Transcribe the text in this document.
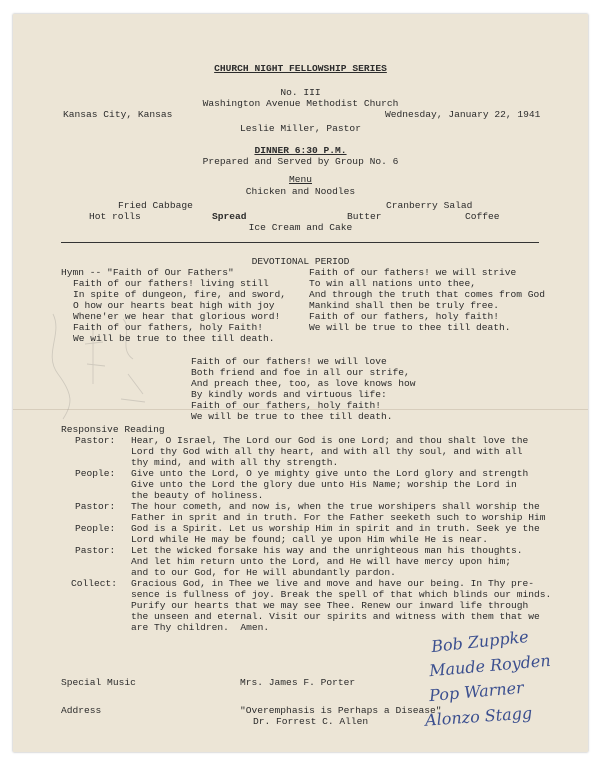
CHURCH NIGHT FELLOWSHIP SERIES
No. III
Washington Avenue Methodist Church
Kansas City, Kansas	Wednesday, January 22, 1941
Leslie Miller, Pastor
DINNER 6:30 P.M.
Prepared and Served by Group No. 6
Menu
Chicken and Noodles
Fried Cabbage	Cranberry Salad
Hot rolls	Spread	Butter	Coffee
Ice Cream and Cake
DEVOTIONAL PERIOD
Hymn -- "Faith of Our Fathers"
Faith of our fathers! living still
In spite of dungeon, fire, and sword,
O how our hearts beat high with joy
Whene'er we hear that glorious word!
Faith of our fathers, holy Faith!
We will be true to thee till death.
Faith of our fathers! we will strive
To win all nations unto thee,
And through the truth that comes from God
Mankind shall then be truly free.
Faith of our fathers, holy faith!
We will be true to thee till death.
Faith of our fathers! we will love
Both friend and foe in all our strife,
And preach thee, too, as love knows how
By kindly words and virtuous life:
Faith of our fathers, holy faith!
We will be true to thee till death.
Responsive Reading
Pastor: Hear, O Israel, The Lord our God is one Lord; and thou shalt love the
Lord thy God with all thy heart, and with all thy soul, and with all
thy mind, and with all thy strength.
People: Give unto the Lord, O ye mighty give unto the Lord glory and strength
Give unto the Lord the glory due unto His Name; worship the Lord in
the beauty of holiness.
Pastor: The hour cometh, and now is, when the true worshipers shall worship the
Father in sprit and in truth. For the Father seeketh such to worship Him
People: God is a Spirit. Let us worship Him in spirit and in truth. Seek ye the
Lord while He may be found; call ye upon Him while He is near.
Pastor: Let the wicked forsake his way and the unrighteous man his thoughts.
And let him return unto the Lord, and He will have mercy upon him;
and to our God, for He will abundantly pardon.
Collect: Gracious God, in Thee we live and move and have our being. In Thy pre-
sence is fullness of joy. Break the spell of that which blinds our minds.
Purify our hearts that we may see Thee. Renew our inward life through
the unseen and eternal. Visit our spirits and witness with them that we
are Thy children.  Amen.
Special Music	Mrs. James F. Porter
Address	"Overemphasis is Perhaps a Disease"
Dr. Forrest C. Allen
Bob Zuppke
Maude Royden
Pop Warner
Alonzo Stagg
